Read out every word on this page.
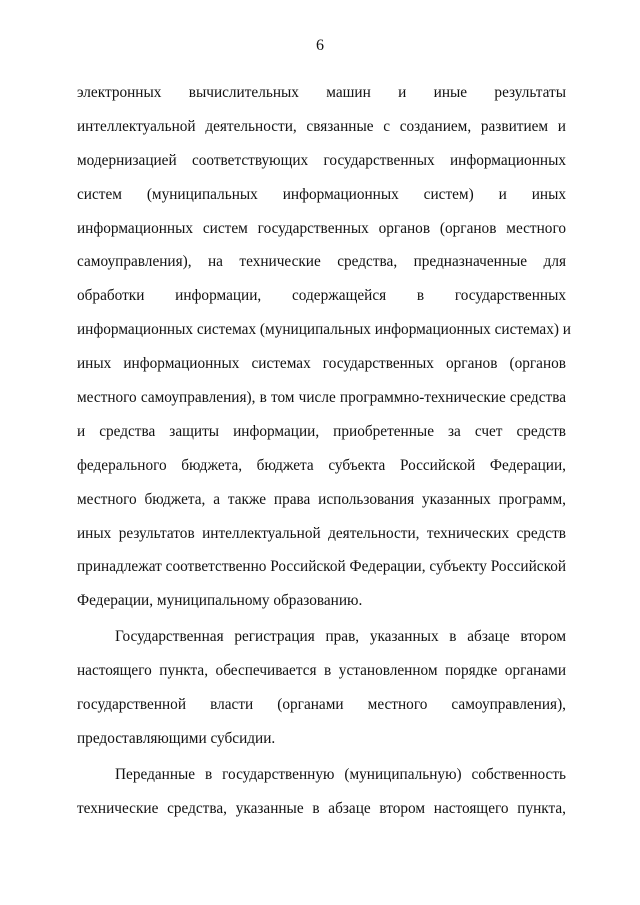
6
электронных вычислительных машин и иные результаты
интеллектуальной деятельности, связанные с созданием, развитием и
модернизацией соответствующих государственных информационных
систем (муниципальных информационных систем) и иных
информационных систем государственных органов (органов местного
самоуправления), на технические средства, предназначенные для
обработки информации, содержащейся в государственных
информационных системах (муниципальных информационных системах) и
иных информационных системах государственных органов (органов
местного самоуправления), в том числе программно-технические средства
и средства защиты информации, приобретенные за счет средств
федерального бюджета, бюджета субъекта Российской Федерации,
местного бюджета, а также права использования указанных программ,
иных результатов интеллектуальной деятельности, технических средств
принадлежат соответственно Российской Федерации, субъекту Российской
Федерации, муниципальному образованию.
Государственная регистрация прав, указанных в абзаце втором
настоящего пункта, обеспечивается в установленном порядке органами
государственной власти (органами местного самоуправления),
предоставляющими субсидии.
Переданные в государственную (муниципальную) собственность
технические средства, указанные в абзаце втором настоящего пункта,
